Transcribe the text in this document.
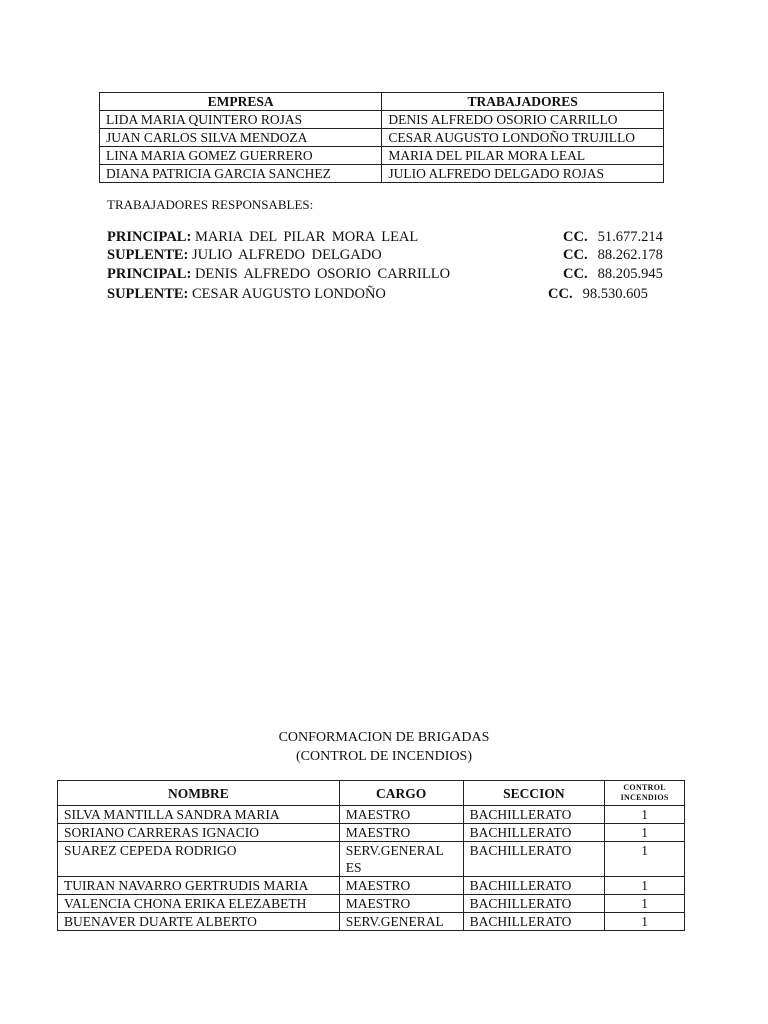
EMPRESA	TRABAJADORES
LIDA MARIA QUINTERO ROJAS	DENIS ALFREDO OSORIO CARRILLO
JUAN CARLOS SILVA MENDOZA	CESAR AUGUSTO LONDOÑO TRUJILLO
LINA MARIA GOMEZ GUERRERO	MARIA DEL PILAR MORA LEAL
DIANA PATRICIA GARCIA SANCHEZ	JULIO ALFREDO DELGADO ROJAS
TRABAJADORES RESPONSABLES:
PRINCIPAL: MARIA DEL PILAR MORA LEAL	CC. 51.677.214
SUPLENTE: JULIO ALFREDO DELGADO	CC. 88.262.178
PRINCIPAL: DENIS ALFREDO OSORIO CARRILLO	CC. 88.205.945
SUPLENTE: CESAR AUGUSTO LONDOÑO	CC. 98.530.605
CONFORMACION DE BRIGADAS
(CONTROL DE INCENDIOS)
NOMBRE	CARGO	SECCION	CONTROL INCENDIOS
SILVA MANTILLA SANDRA MARIA	MAESTRO	BACHILLERATO	1
SORIANO CARRERAS IGNACIO	MAESTRO	BACHILLERATO	1
SUAREZ CEPEDA RODRIGO	SERV.GENERAL ES	BACHILLERATO	1
TUIRAN NAVARRO GERTRUDIS MARIA	MAESTRO	BACHILLERATO	1
VALENCIA CHONA ERIKA ELEZABETH	MAESTRO	BACHILLERATO	1
BUENAVER DUARTE ALBERTO	SERV.GENERAL	BACHILLERATO	1
